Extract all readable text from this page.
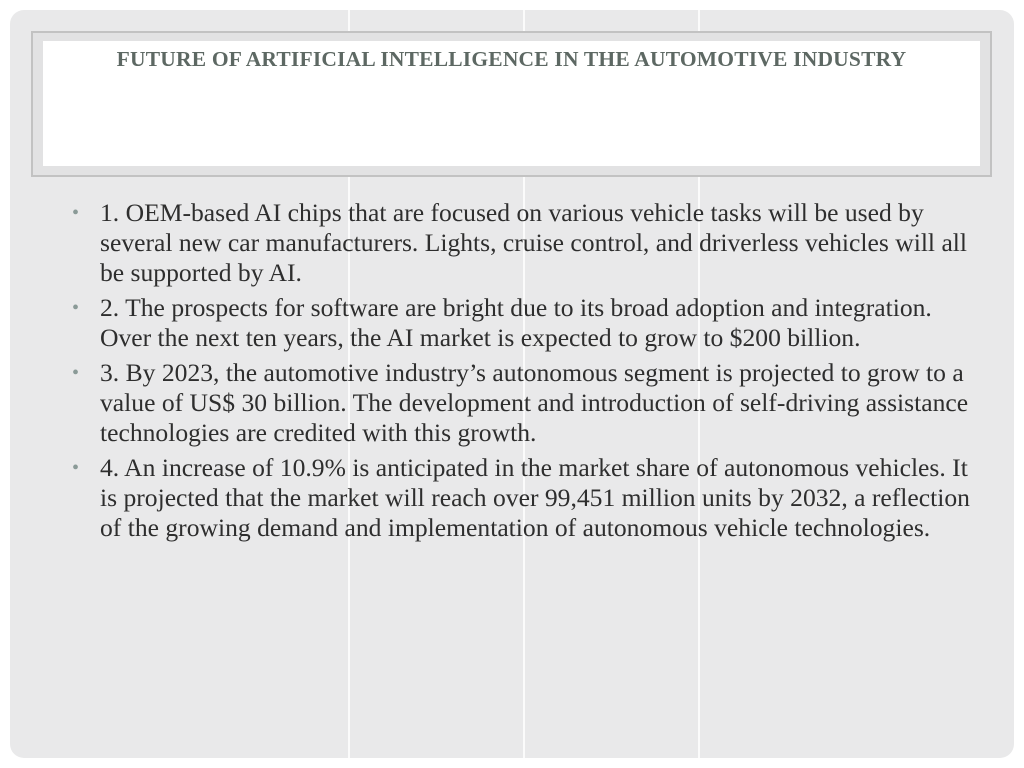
FUTURE OF ARTIFICIAL INTELLIGENCE IN THE AUTOMOTIVE INDUSTRY
• 1. OEM-based AI chips that are focused on various vehicle tasks will be used by several new car manufacturers. Lights, cruise control, and driverless vehicles will all be supported by AI.
• 2. The prospects for software are bright due to its broad adoption and integration. Over the next ten years, the AI market is expected to grow to $200 billion.
• 3. By 2023, the automotive industry’s autonomous segment is projected to grow to a value of US$ 30 billion. The development and introduction of self-driving assistance technologies are credited with this growth.
• 4. An increase of 10.9% is anticipated in the market share of autonomous vehicles. It is projected that the market will reach over 99,451 million units by 2032, a reflection of the growing demand and implementation of autonomous vehicle technologies.
